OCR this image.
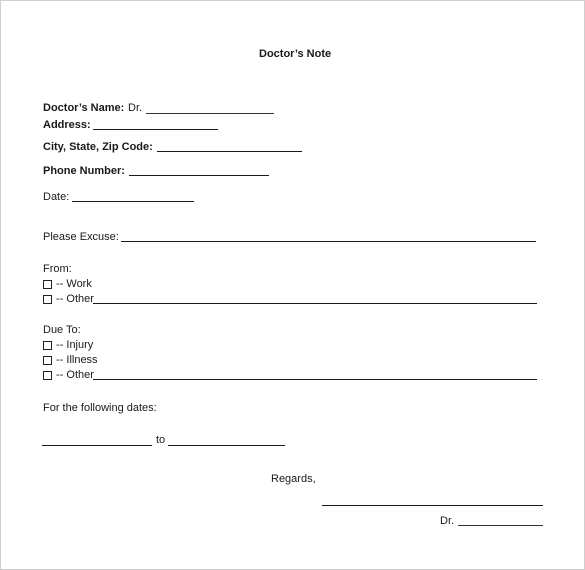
Doctor’s Note
Doctor’s Name: Dr.
Address:
City, State, Zip Code:
Phone Number:
Date:
Please Excuse:
From:
-- Work
-- Other
Due To:
-- Injury
-- Illness
-- Other
For the following dates:
to
Regards,
Dr.
